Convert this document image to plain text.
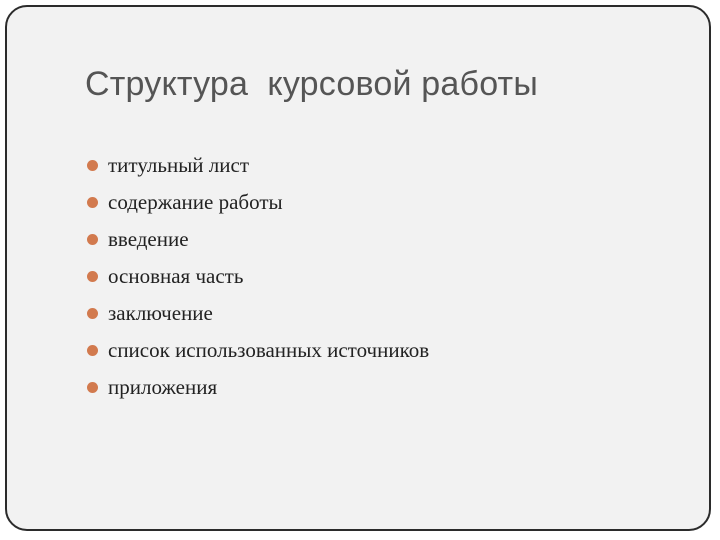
Структура  курсовой работы
титульный лист
содержание работы
введение
основная часть
заключение
список использованных источников
приложения
